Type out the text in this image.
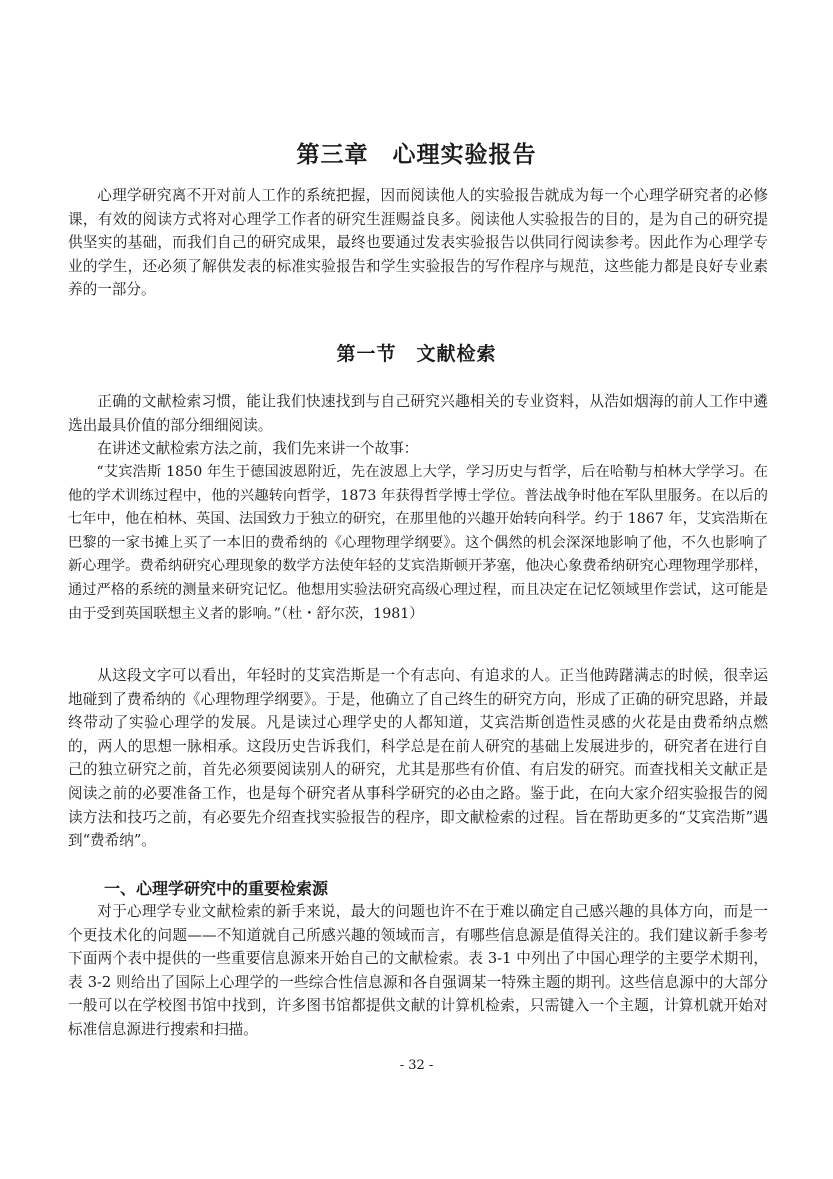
第三章　心理实验报告

心理学研究离不开对前人工作的系统把握，因而阅读他人的实验报告就成为每一个心理学研究者的必修课，有效的阅读方式将对心理学工作者的研究生涯赐益良多。阅读他人实验报告的目的，是为自己的研究提供坚实的基础，而我们自己的研究成果，最终也要通过发表实验报告以供同行阅读参考。因此作为心理学专业的学生，还必须了解供发表的标准实验报告和学生实验报告的写作程序与规范，这些能力都是良好专业素养的一部分。

第一节　文献检索

正确的文献检索习惯，能让我们快速找到与自己研究兴趣相关的专业资料，从浩如烟海的前人工作中遴选出最具价值的部分细细阅读。

在讲述文献检索方法之前，我们先来讲一个故事：

“艾宾浩斯 1850 年生于德国波恩附近，先在波恩上大学，学习历史与哲学，后在哈勒与柏林大学学习。在他的学术训练过程中，他的兴趣转向哲学，1873 年获得哲学博士学位。普法战争时他在军队里服务。在以后的七年中，他在柏林、英国、法国致力于独立的研究，在那里他的兴趣开始转向科学。约于 1867 年，艾宾浩斯在巴黎的一家书摊上买了一本旧的费希纳的《心理物理学纲要》。这个偶然的机会深深地影响了他，不久也影响了新心理学。费希纳研究心理现象的数学方法使年轻的艾宾浩斯顿开茅塞，他决心象费希纳研究心理物理学那样，通过严格的系统的测量来研究记忆。他想用实验法研究高级心理过程，而且决定在记忆领域里作尝试，这可能是由于受到英国联想主义者的影响。”（杜・舒尔茨，1981）

从这段文字可以看出，年轻时的艾宾浩斯是一个有志向、有追求的人。正当他踌躇满志的时候，很幸运地碰到了费希纳的《心理物理学纲要》。于是，他确立了自己终生的研究方向，形成了正确的研究思路，并最终带动了实验心理学的发展。凡是读过心理学史的人都知道，艾宾浩斯创造性灵感的火花是由费希纳点燃的，两人的思想一脉相承。这段历史告诉我们，科学总是在前人研究的基础上发展进步的，研究者在进行自己的独立研究之前，首先必须要阅读别人的研究，尤其是那些有价值、有启发的研究。而查找相关文献正是阅读之前的必要准备工作，也是每个研究者从事科学研究的必由之路。鉴于此，在向大家介绍实验报告的阅读方法和技巧之前，有必要先介绍查找实验报告的程序，即文献检索的过程。旨在帮助更多的“艾宾浩斯”遇到“费希纳”。

一、心理学研究中的重要检索源

对于心理学专业文献检索的新手来说，最大的问题也许不在于难以确定自己感兴趣的具体方向，而是一个更技术化的问题——不知道就自己所感兴趣的领域而言，有哪些信息源是值得关注的。我们建议新手参考下面两个表中提供的一些重要信息源来开始自己的文献检索。表 3-1 中列出了中国心理学的主要学术期刊，表 3-2 则给出了国际上心理学的一些综合性信息源和各自强调某一特殊主题的期刊。这些信息源中的大部分一般可以在学校图书馆中找到，许多图书馆都提供文献的计算机检索，只需键入一个主题，计算机就开始对标准信息源进行搜索和扫描。

- 32 -
